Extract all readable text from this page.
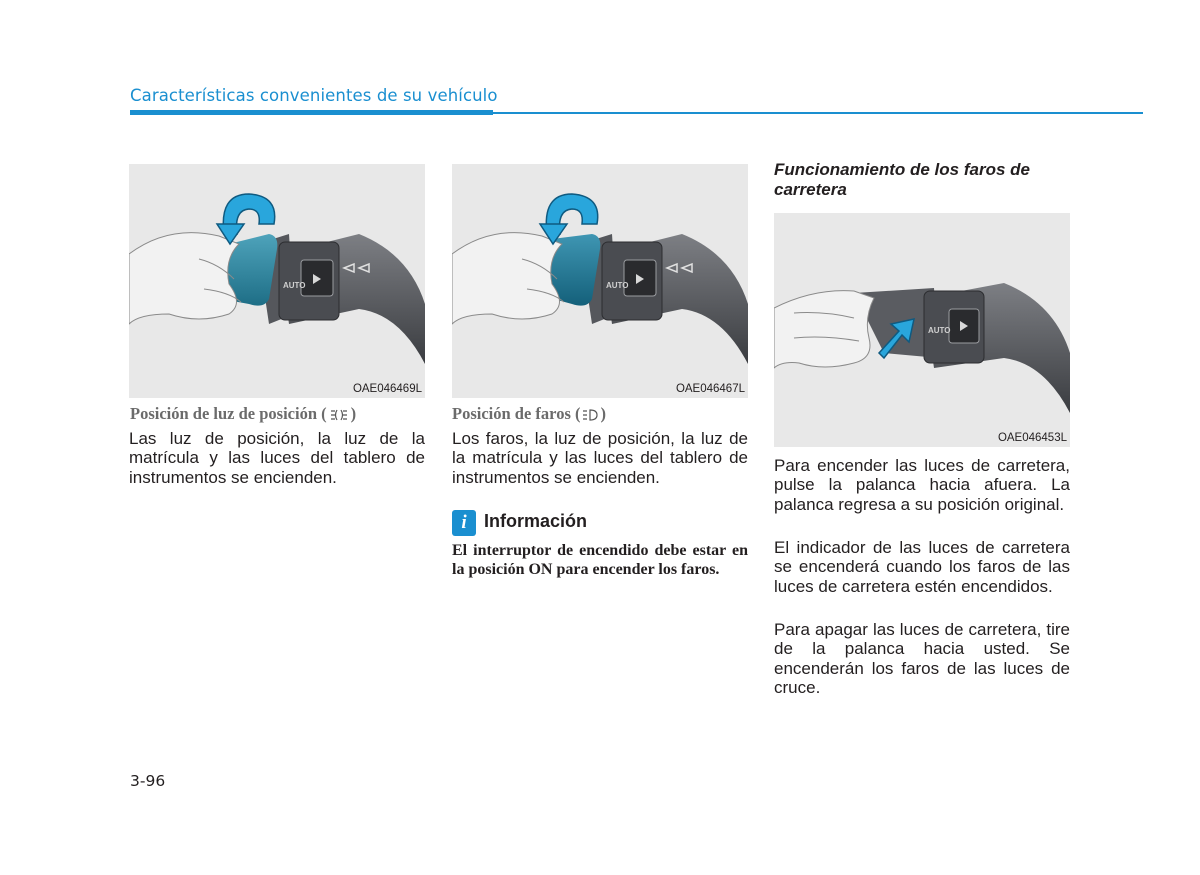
Características convenientes de su vehículo
AUTO
OAE046469L
AUTO
OAE046467L
Posición de luz de posición ( )

Las luz de posición, la luz de la matrícula y las luces del tablero de instrumentos se encienden.

Posición de faros ( )

Los faros, la luz de posición, la luz de la matrícula y las luces del tablero de instrumentos se encienden.

i Información

El interruptor de encendido debe estar en la posición ON para encender los faros.

Funcionamiento de los faros de carretera
AUTO
OAE046453L

Para encender las luces de carretera, pulse la palanca hacia afuera. La palanca regresa a su posición original.

El indicador de las luces de carretera se encenderá cuando los faros de las luces de carretera estén encendidos.

Para apagar las luces de carretera, tire de la palanca hacia usted. Se encenderán los faros de las luces de cruce.

3-96
